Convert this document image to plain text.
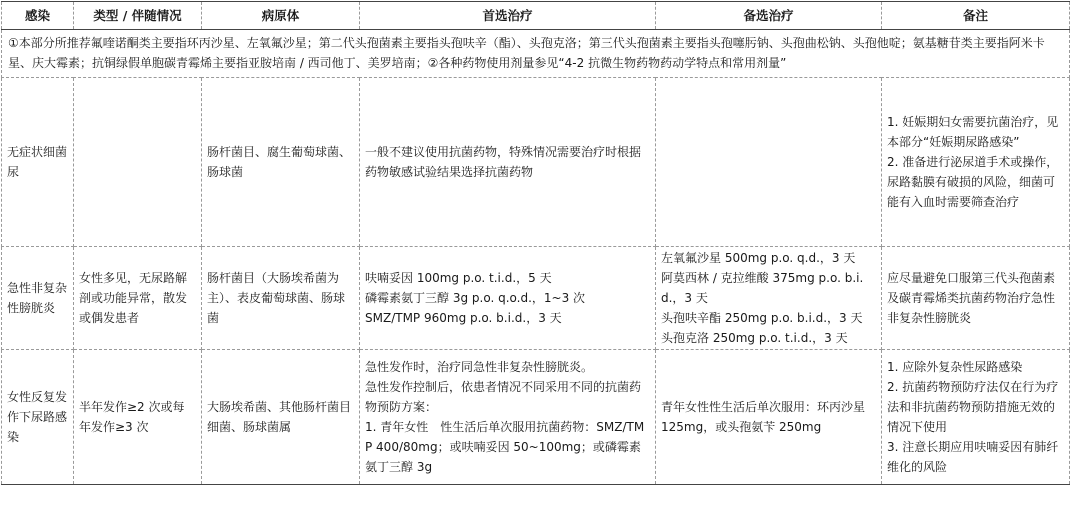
感染	类型 / 伴随情况	病原体	首选治疗	备选治疗	备注
①本部分所推荐氟喹诺酮类主要指环丙沙星、左氧氟沙星；第二代头孢菌素主要指头孢呋辛（酯）、头孢克洛；第三代头孢菌素主要指头孢噻肟钠、头孢曲松钠、头孢他啶；氨基糖苷类主要指阿米卡星、庆大霉素；抗铜绿假单胞碳青霉烯主要指亚胺培南 / 西司他丁、美罗培南；②各种药物使用剂量参见“4-2 抗微生物药物药动学特点和常用剂量”					
无症状细菌尿		肠杆菌目、腐生葡萄球菌、肠球菌	一般不建议使用抗菌药物，特殊情况需要治疗时根据药物敏感试验结果选择抗菌药物		1. 妊娠期妇女需要抗菌治疗，见本部分“妊娠期尿路感染”
2. 准备进行泌尿道手术或操作，尿路黏膜有破损的风险，细菌可能有入血时需要筛查治疗

急性非复杂性膀胱炎	女性多见，无尿路解剖或功能异常，散发或偶发患者	肠杆菌目（大肠埃希菌为主）、表皮葡萄球菌、肠球菌	呋喃妥因 100mg p.o. t.i.d.，5 天
磷霉素氨丁三醇 3g p.o. q.o.d.，1~3 次
SMZ/TMP 960mg p.o. b.i.d.，3 天	左氧氟沙星 500mg p.o. q.d.，3 天
阿莫西林 / 克拉维酸 375mg p.o. b.i.d.，3 天
头孢呋辛酯 250mg p.o. b.i.d.，3 天
头孢克洛 250mg p.o. t.i.d.，3 天	应尽量避免口服第三代头孢菌素及碳青霉烯类抗菌药物治疗急性非复杂性膀胱炎

女性反复发作下尿路感染	半年发作≥2 次或每年发作≥3 次	大肠埃希菌、其他肠杆菌目细菌、肠球菌属	急性发作时，治疗同急性非复杂性膀胱炎。
急性发作控制后，依患者情况不同采用不同的抗菌药物预防方案：
1. 青年女性　性生活后单次服用抗菌药物：SMZ/TMP 400/80mg；或呋喃妥因 50~100mg；或磷霉素氨丁三醇 3g	青年女性性生活后单次服用：环丙沙星 125mg，或头孢氨苄 250mg	1. 应除外复杂性尿路感染
2. 抗菌药物预防疗法仅在行为疗法和非抗菌药物预防措施无效的情况下使用
3. 注意长期应用呋喃妥因有肺纤维化的风险
